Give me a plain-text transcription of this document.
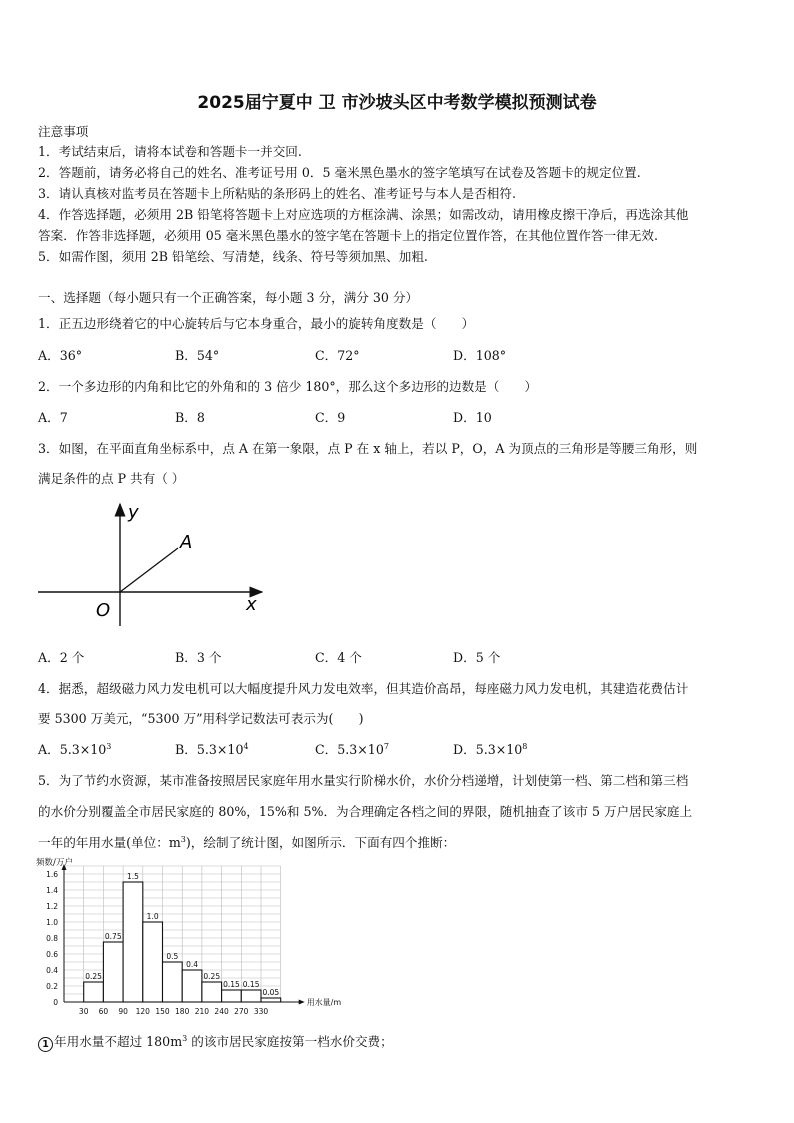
2025届宁夏中 卫 市沙坡头区中考数学模拟预测试卷
注意事项
1．考试结束后，请将本试卷和答题卡一并交回.
2．答题前，请务必将自己的姓名、准考证号用 0．5 毫米黑色墨水的签字笔填写在试卷及答题卡的规定位置.
3．请认真核对监考员在答题卡上所粘贴的条形码上的姓名、准考证号与本人是否相符.
4．作答选择题，必须用 2B 铅笔将答题卡上对应选项的方框涂满、涂黑；如需改动，请用橡皮擦干净后，再选涂其他
答案．作答非选择题，必须用 05 毫米黑色墨水的签字笔在答题卡上的指定位置作答，在其他位置作答一律无效.
5．如需作图，须用 2B 铅笔绘、写清楚，线条、符号等须加黑、加粗.
一、选择题（每小题只有一个正确答案，每小题 3 分，满分 30 分）
1．正五边形绕着它的中心旋转后与它本身重合，最小的旋转角度数是（　　）
A．36°	B．54°	C．72°	D．108°
2．一个多边形的内角和比它的外角和的 3 倍少 180°，那么这个多边形的边数是（　　）
A．7	B．8	C．9	D．10
3．如图，在平面直角坐标系中，点 A 在第一象限，点 P 在 x 轴上，若以 P，O，A 为顶点的三角形是等腰三角形，则
满足条件的点 P 共有（ ）
y
x
O
A
A．2 个	B．3 个	C．4 个	D．5 个
4．据悉，超级磁力风力发电机可以大幅度提升风力发电效率，但其造价高昂，每座磁力风力发电机，其建造花费估计
要 5300 万美元，“5300 万”用科学记数法可表示为(　　)
A．$5.3\times 10^3$	B．$5.3\times 10^4$	C．$5.3\times 10^7$	D．$5.3\times 10^8$
5．为了节约水资源，某市准备按照居民家庭年用水量实行阶梯水价，水价分档递增，计划使第一档、第二档和第三档
的水价分别覆盖全市居民家庭的 80%，15%和 5%．为合理确定各档之间的界限，随机抽查了该市 5 万户居民家庭上
一年的年用水量(单位：$m^3$)，绘制了统计图，如图所示．下面有四个推断：
0.25
0.75
1.5
1.0
0.5
0.4
0.25
0.15 0.15
0.05
0
0.2
0.4
0.6
0.8
1.0
1.2
1.4
1.6
30 60 90 120 150 180 210 240 270 330
频数/万户
用水量/m
1 年用水量不超过 $180m^3$ 的该市居民家庭按第一档水价交费；
